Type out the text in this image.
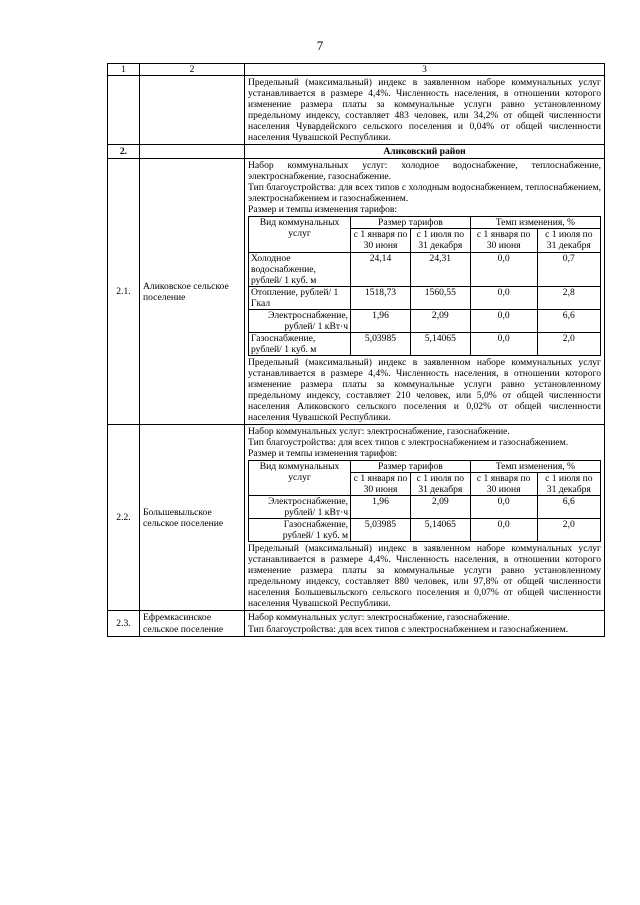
7
1	2	3
		Предельный (максимальный) индекс в заявленном наборе коммунальных услуг устанавливается в размере 4,4%. Численность населения, в отношении которого изменение размера платы за коммунальные услуги равно установленному предельному индексу, составляет 483 человек, или 34,2% от общей численности населения Чувардейского сельского поселения и 0,04% от общей численности населения Чувашской Республики.
2.		Аликовский район
2.1.	Аликовское сельское поселение	
Набор коммунальных услуг: холодное водоснабжение, теплоснабжение, электроснабжение, газоснабжение.
Тип благоустройства: для всех типов с холодным водоснабжением, теплоснабжением, электроснабжением и газоснабжением.
Размер и темпы изменения тарифов:
Вид коммунальных услуг	Размер тарифов	Темп изменения, %
с 1 января по 30 июня	с 1 июля по 31 декабря	с 1 января по 30 июня	с 1 июля по 31 декабря
Холодное водоснабжение, рублей/ 1 куб. м	24,14	24,31	0,0	0,7
Отопление, рублей/ 1 Гкал	1518,73	1560,55	0,0	2,8
Электроснабжение, рублей/ 1 кВт·ч	1,96	2,09	0,0	6,6
Газоснабжение, рублей/ 1 куб. м	5,03985	5,14065	0,0	2,0
Предельный (максимальный) индекс в заявленном наборе коммунальных услуг устанавливается в размере 4,4%. Численность населения, в отношении которого изменение размера платы за коммунальные услуги равно установленному предельному индексу, составляет 210 человек, или 5,0% от общей численности населения Аликовского сельского поселения и 0,02% от общей численности населения Чувашской Республики.

2.2.	Большевыльское сельское поселение	
Набор коммунальных услуг: электроснабжение, газоснабжение.
Тип благоустройства: для всех типов с электроснабжением и газоснабжением.
Размер и темпы изменения тарифов:
Вид коммунальных услуг	Размер тарифов	Темп изменения, %
с 1 января по 30 июня	с 1 июля по 31 декабря	с 1 января по 30 июня	с 1 июля по 31 декабря
Электроснабжение, рублей/ 1 кВт·ч	1,96	2,09	0,0	6,6
Газоснабжение, рублей/ 1 куб. м	5,03985	5,14065	0,0	2,0
Предельный (максимальный) индекс в заявленном наборе коммунальных услуг устанавливается в размере 4,4%. Численность населения, в отношении которого изменение размера платы за коммунальные услуги равно установленному предельному индексу, составляет 880 человек, или 97,8% от общей численности населения Большевыльского сельского поселения и 0,07% от общей численности населения Чувашской Республики.

2.3.	Ефремкасинское сельское поселение	
Набор коммунальных услуг: электроснабжение, газоснабжение.
Тип благоустройства: для всех типов с электроснабжением и газоснабжением.
